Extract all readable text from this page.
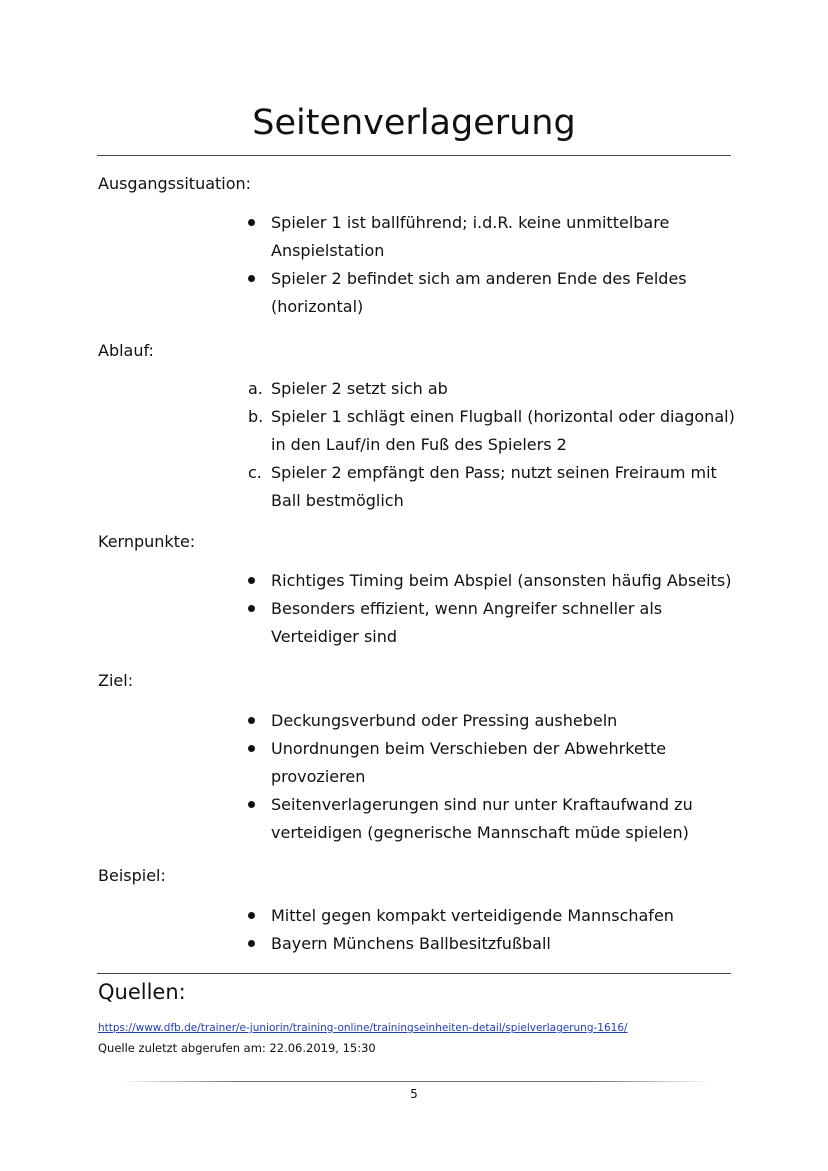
Seitenverlagerung
Ausgangssituation:
Spieler 1 ist ballführend; i.d.R. keine unmittelbare Anspielstation
Spieler 2 befindet sich am anderen Ende des Feldes (horizontal)
Ablauf:
a. Spieler 2 setzt sich ab
b. Spieler 1 schlägt einen Flugball (horizontal oder diagonal) in den Lauf/in den Fuß des Spielers 2
c. Spieler 2 empfängt den Pass; nutzt seinen Freiraum mit Ball bestmöglich
Kernpunkte:
Richtiges Timing beim Abspiel (ansonsten häufig Abseits)
Besonders effizient, wenn Angreifer schneller als Verteidiger sind
Ziel:
Deckungsverbund oder Pressing aushebeln
Unordnungen beim Verschieben der Abwehrkette provozieren
Seitenverlagerungen sind nur unter Kraftaufwand zu verteidigen (gegnerische Mannschaft müde spielen)
Beispiel:
Mittel gegen kompakt verteidigende Mannschafen
Bayern Münchens Ballbesitzfußball
Quellen:
https://www.dfb.de/trainer/e-juniorin/training-online/trainingseinheiten-detail/spielverlagerung-1616/
Quelle zuletzt abgerufen am: 22.06.2019, 15:30
5
